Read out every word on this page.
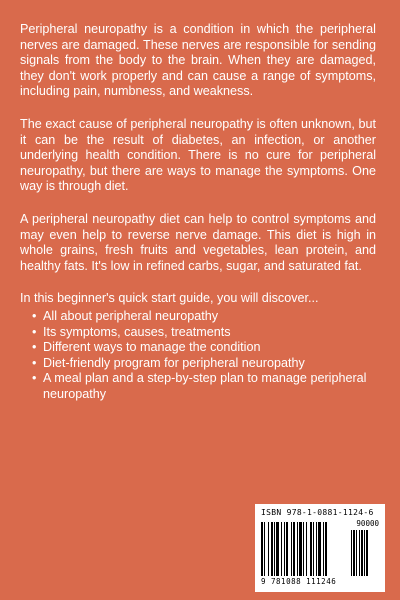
Peripheral neuropathy is a condition in which the peripheral nerves are damaged. These nerves are responsible for sending signals from the body to the brain. When they are damaged, they don't work properly and can cause a range of symptoms, including pain, numbness, and weakness.

The exact cause of peripheral neuropathy is often unknown, but it can be the result of diabetes, an infection, or another underlying health condition. There is no cure for peripheral neuropathy, but there are ways to manage the symptoms. One way is through diet.

A peripheral neuropathy diet can help to control symptoms and may even help to reverse nerve damage. This diet is high in whole grains, fresh fruits and vegetables, lean protein, and healthy fats. It's low in refined carbs, sugar, and saturated fat.

In this beginner's quick start guide, you will discover...

• All about peripheral neuropathy
• Its symptoms, causes, treatments
• Different ways to manage the condition
• Diet-friendly program for peripheral neuropathy
• A meal plan and a step-by-step plan to manage peripheral neuropathy
ISBN 978-1-0881-1124-6
90000
9 781088 111246
